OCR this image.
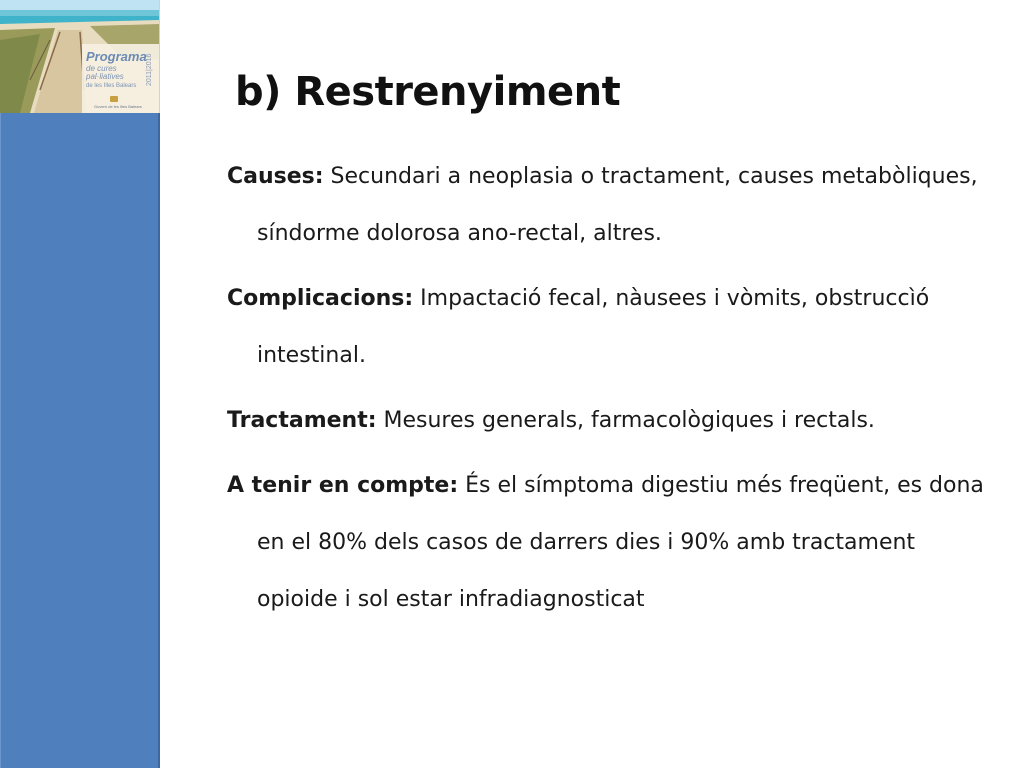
Programa
de cures pal·liatives
de les Illes Balears	2011|2016
Govern de les Illes Balears b) Restrenyiment

Causes: Secundari a neoplasia o tractament, causes metabòliques, síndorme dolorosa ano-rectal, altres.

Complicacions: Impactació fecal, nàusees i vòmits, obstruccìó intestinal.

Tractament: Mesures generals, farmacològiques i rectals.

A tenir en compte: És el símptoma digestiu més freqüent, es dona en el 80% dels casos de darrers dies i 90% amb tractament opioide i sol estar infradiagnosticat
